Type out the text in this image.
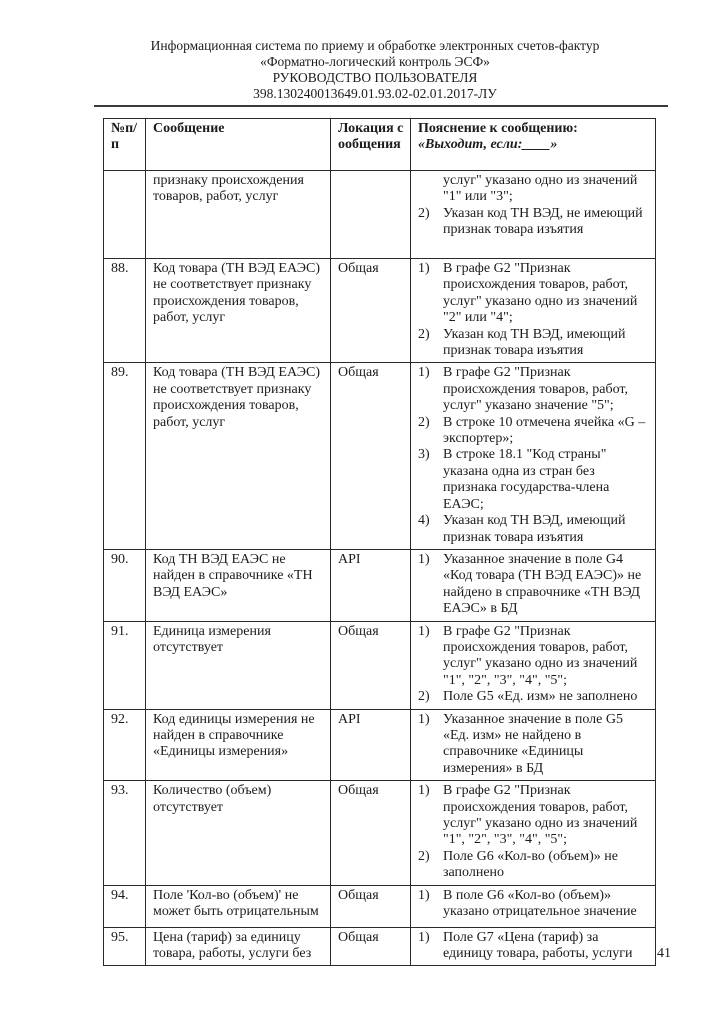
Информационная система по приему и обработке электронных счетов-фактур
«Форматно-логический контроль ЭСФ»
РУКОВОДСТВО ПОЛЬЗОВАТЕЛЯ
398.130240013649.01.93.02-02.01.2017-ЛУ
№п/п	Сообщение	Локация сообщения	Пояснение к сообщению:
«Выходит, если:____»

	признаку происхождения товаров, работ, услуг		услуг" указано одно из значений "1" или "3";
2) Указан код ТН ВЭД, не имеющий признак товара изъятия

88.	Код товара (ТН ВЭД ЕАЭС) не соответствует признаку происхождения товаров, работ, услуг	Общая	1) В графе G2 "Признак происхождения товаров, работ, услуг" указано одно из значений "2" или "4";
2) Указан код ТН ВЭД, имеющий признак товара изъятия

89.	Код товара (ТН ВЭД ЕАЭС) не соответствует признаку происхождения товаров, работ, услуг	Общая	1) В графе G2 "Признак происхождения товаров, работ, услуг" указано значение "5";
2) В строке 10 отмечена ячейка «G – экспортер»;
3) В строке 18.1 "Код страны" указана одна из стран без признака государства-члена ЕАЭС;
4) Указан код ТН ВЭД, имеющий признак товара изъятия

90.	Код ТН ВЭД ЕАЭС не найден в справочнике «ТН ВЭД ЕАЭС»	API	1) Указанное значение в поле G4 «Код товара (ТН ВЭД ЕАЭС)» не найдено в справочнике «ТН ВЭД ЕАЭС» в БД

91.	Единица измерения отсутствует	Общая	1) В графе G2 "Признак происхождения товаров, работ, услуг" указано одно из значений "1", "2", "3", "4", "5";
2) Поле G5 «Ед. изм» не заполнено

92.	Код единицы измерения не найден в справочнике «Единицы измерения»	API	1) Указанное значение в поле G5 «Ед. изм» не найдено в справочнике «Единицы измерения» в БД

93.	Количество (объем) отсутствует	Общая	1) В графе G2 "Признак происхождения товаров, работ, услуг" указано одно из значений "1", "2", "3", "4", "5";
2) Поле G6 «Кол-во (объем)» не заполнено

94.	Поле 'Кол-во (объем)' не может быть отрицательным	Общая	1) В поле G6 «Кол-во (объем)» указано отрицательное значение

95.	Цена (тариф) за единицу товара, работы, услуги без	Общая	1) Поле G7 «Цена (тариф) за единицу товара, работы, услуги	41
